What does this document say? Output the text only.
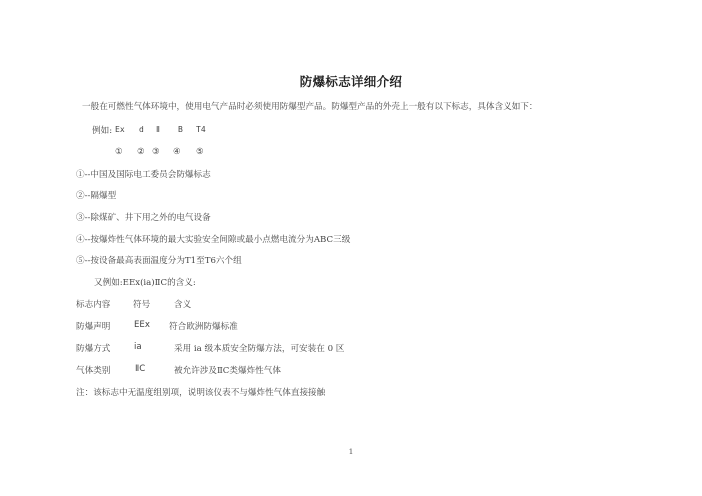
防爆标志详细介绍
一般在可燃性气体环境中，使用电气产品时必须使用防爆型产品。防爆型产品的外壳上一般有以下标志，具体含义如下：
例如: Ex d Ⅱ B T4
① ② ③ ④ ⑤
①--中国及国际电工委员会防爆标志
②--隔爆型
③--除煤矿、井下用之外的电气设备
④--按爆炸性气体环境的最大实验安全间隙或最小点燃电流分为ABC三级
⑤--按设备最高表面温度分为T1至T6六个组
又例如:EEx(ia)ⅡC的含义:
标志内容	符号	含义
防爆声明	EEx 符合欧洲防爆标准
防爆方式	ia	采用 ia 级本质安全防爆方法，可安装在 0 区
气体类别	ⅡC	被允许涉及ⅡC类爆炸性气体
注：该标志中无温度组别项，说明该仪表不与爆炸性气体直接接触
1
